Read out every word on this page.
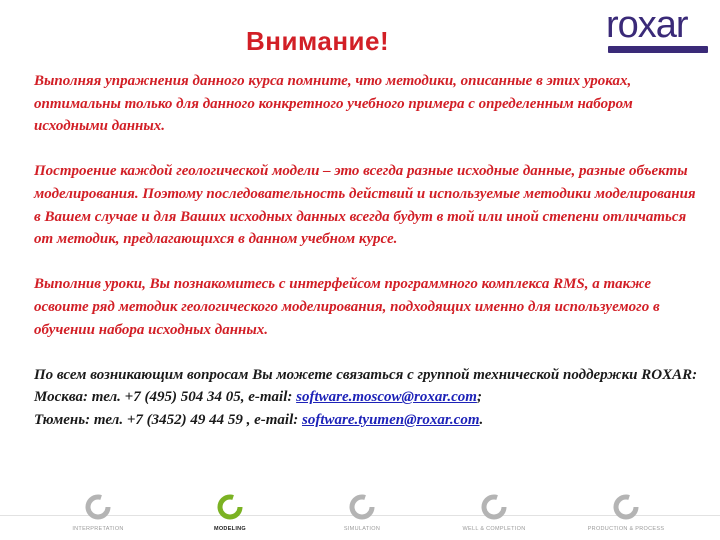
Внимание!	roxar

Выполняя упражнения данного курса помните, что методики, описанные в этих уроках, оптимальны только для данного конкретного учебного примера с определенным набором исходными данных.

Построение каждой геологической модели – это всегда разные исходные данные, разные объекты моделирования. Поэтому последовательность действий и используемые методики моделирования в Вашем случае и для Ваших исходных данных всегда будут в той или иной степени отличаться от методик, предлагающихся в данном учебном курсе.

Выполнив уроки, Вы познакомитесь с интерфейсом программного комплекса RMS, а также освоите ряд методик геологического моделирования, подходящих именно для используемого в обучении набора исходных данных.

По всем возникающим вопросам Вы можете связаться с группой технической поддержки ROXAR:

Москва: тел. +7 (495) 504 34 05, e-mail: software.moscow@roxar.com;

Тюмень: тел. +7 (3452) 49 44 59 , e-mail: software.tyumen@roxar.com.

INTERPRETATION	MODELING	SIMULATION	WELL & COMPLETION	PRODUCTION & PROCESS
